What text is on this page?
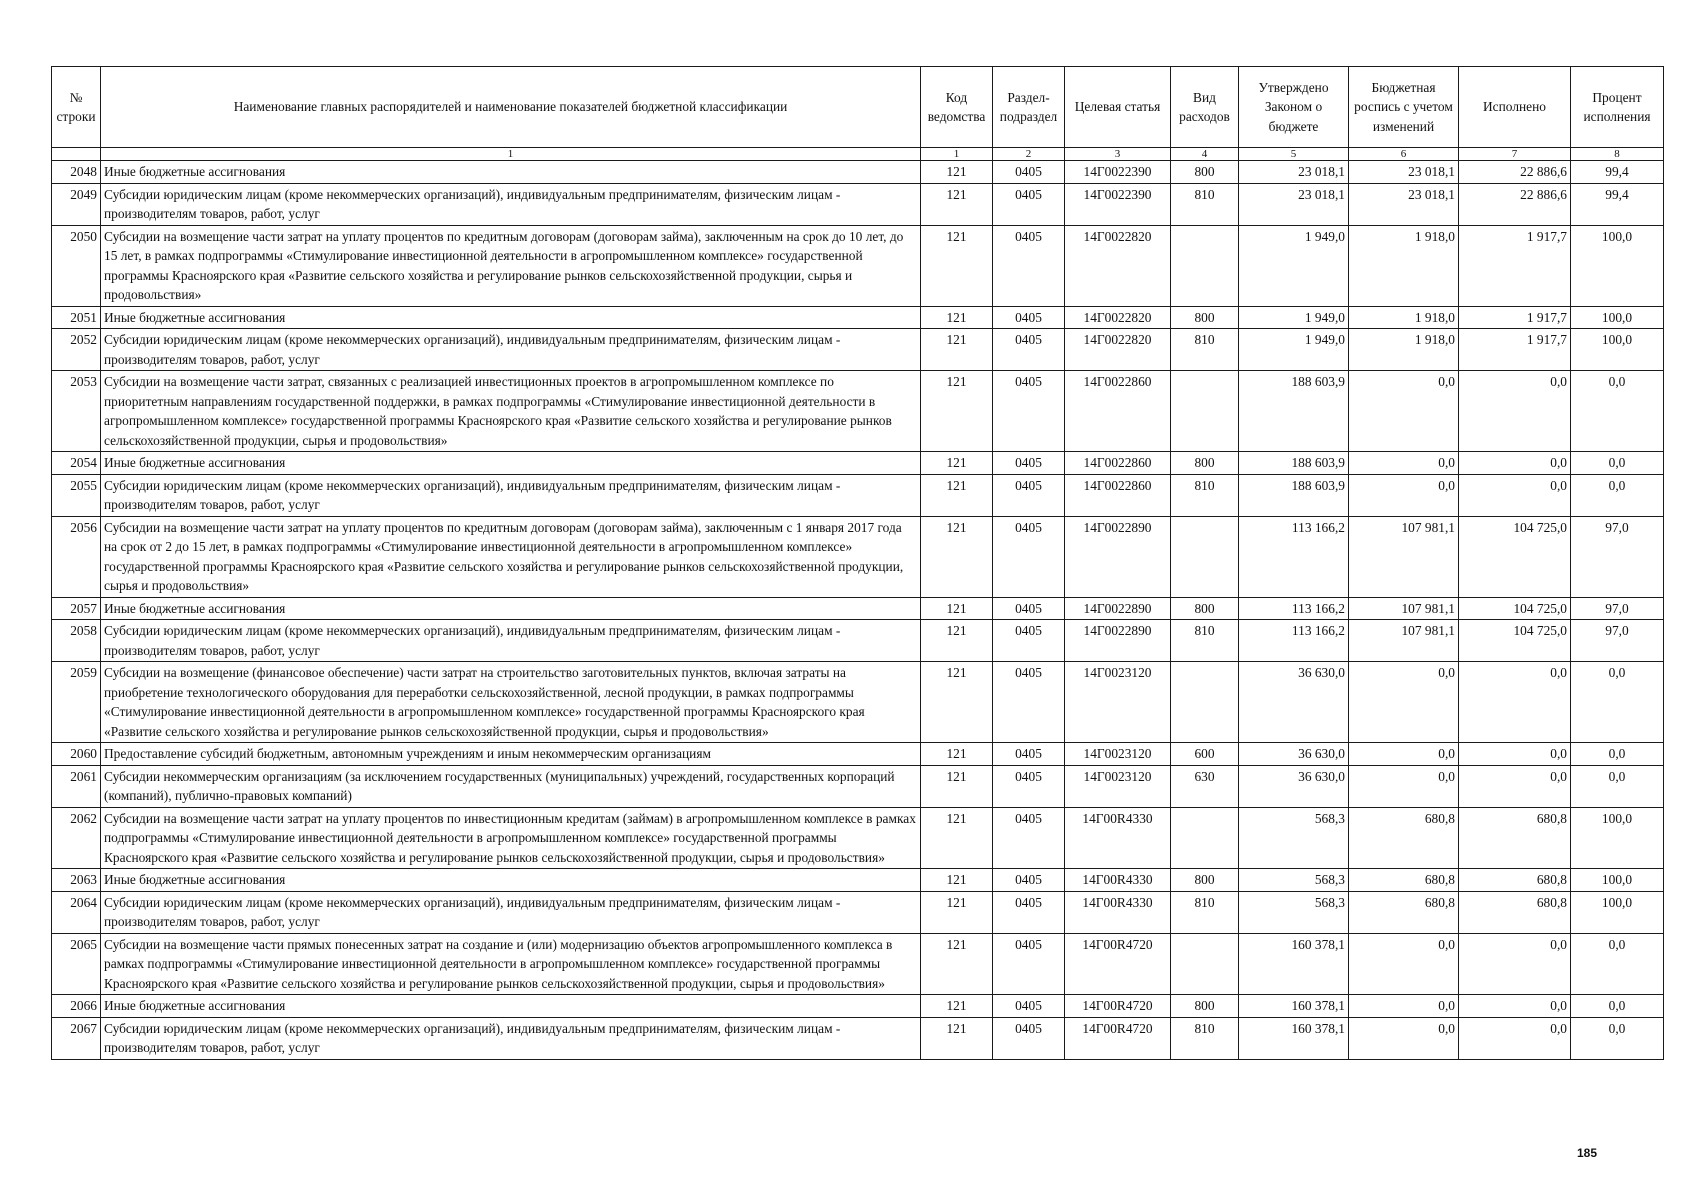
№ строки	Наименование главных распорядителей и наименование показателей бюджетной классификации	Код ведомства	Раздел-подраздел	Целевая статья	Вид расходов	Утверждено Законом о бюджете	Бюджетная роспись с учетом изменений	Исполнено	Процент исполнения
	1	1	2	3	4	5	6	7	8
2048	Иные бюджетные ассигнования	121	0405	14Г0022390	800	23 018,1	23 018,1	22 886,6	99,4
2049	Субсидии юридическим лицам (кроме некоммерческих организаций), индивидуальным предпринимателям, физическим лицам - производителям товаров, работ, услуг	121	0405	14Г0022390	810	23 018,1	23 018,1	22 886,6	99,4
2050	Субсидии на возмещение части затрат на уплату процентов по кредитным договорам (договорам займа), заключенным на срок до 10 лет, до 15 лет, в рамках подпрограммы «Стимулирование инвестиционной деятельности в агропромышленном комплексе» государственной программы Красноярского края «Развитие сельского хозяйства и регулирование рынков сельскохозяйственной продукции, сырья и продовольствия»	121	0405	14Г0022820		1 949,0	1 918,0	1 917,7	100,0
2051	Иные бюджетные ассигнования	121	0405	14Г0022820	800	1 949,0	1 918,0	1 917,7	100,0
2052	Субсидии юридическим лицам (кроме некоммерческих организаций), индивидуальным предпринимателям, физическим лицам - производителям товаров, работ, услуг	121	0405	14Г0022820	810	1 949,0	1 918,0	1 917,7	100,0
2053	Субсидии на возмещение части затрат, связанных с реализацией инвестиционных проектов в агропромышленном комплексе по приоритетным направлениям государственной поддержки, в рамках подпрограммы «Стимулирование инвестиционной деятельности в агропромышленном комплексе» государственной программы Красноярского края «Развитие сельского хозяйства и регулирование рынков сельскохозяйственной продукции, сырья и продовольствия»	121	0405	14Г0022860		188 603,9	0,0	0,0	0,0
2054	Иные бюджетные ассигнования	121	0405	14Г0022860	800	188 603,9	0,0	0,0	0,0
2055	Субсидии юридическим лицам (кроме некоммерческих организаций), индивидуальным предпринимателям, физическим лицам - производителям товаров, работ, услуг	121	0405	14Г0022860	810	188 603,9	0,0	0,0	0,0
2056	Субсидии на возмещение части затрат на уплату процентов по кредитным договорам (договорам займа), заключенным с 1 января 2017 года на срок от 2 до 15 лет, в рамках подпрограммы «Стимулирование инвестиционной деятельности в агропромышленном комплексе» государственной программы Красноярского края «Развитие сельского хозяйства и регулирование рынков сельскохозяйственной продукции, сырья и продовольствия»	121	0405	14Г0022890		113 166,2	107 981,1	104 725,0	97,0
2057	Иные бюджетные ассигнования	121	0405	14Г0022890	800	113 166,2	107 981,1	104 725,0	97,0
2058	Субсидии юридическим лицам (кроме некоммерческих организаций), индивидуальным предпринимателям, физическим лицам - производителям товаров, работ, услуг	121	0405	14Г0022890	810	113 166,2	107 981,1	104 725,0	97,0
2059	Субсидии на возмещение (финансовое обеспечение) части затрат на строительство заготовительных пунктов, включая затраты на приобретение технологического оборудования для переработки сельскохозяйственной, лесной продукции, в рамках подпрограммы «Стимулирование инвестиционной деятельности в агропромышленном комплексе» государственной программы Красноярского края «Развитие сельского хозяйства и регулирование рынков сельскохозяйственной продукции, сырья и продовольствия»	121	0405	14Г0023120		36 630,0	0,0	0,0	0,0
2060	Предоставление субсидий бюджетным, автономным учреждениям и иным некоммерческим организациям	121	0405	14Г0023120	600	36 630,0	0,0	0,0	0,0
2061	Субсидии некоммерческим организациям (за исключением государственных (муниципальных) учреждений, государственных корпораций (компаний), публично-правовых компаний)	121	0405	14Г0023120	630	36 630,0	0,0	0,0	0,0
2062	Субсидии на возмещение части затрат на уплату процентов по инвестиционным кредитам (займам) в агропромышленном комплексе в рамках подпрограммы «Стимулирование инвестиционной деятельности в агропромышленном комплексе» государственной программы Красноярского края «Развитие сельского хозяйства и регулирование рынков сельскохозяйственной продукции, сырья и продовольствия»	121	0405	14Г00R4330		568,3	680,8	680,8	100,0
2063	Иные бюджетные ассигнования	121	0405	14Г00R4330	800	568,3	680,8	680,8	100,0
2064	Субсидии юридическим лицам (кроме некоммерческих организаций), индивидуальным предпринимателям, физическим лицам - производителям товаров, работ, услуг	121	0405	14Г00R4330	810	568,3	680,8	680,8	100,0
2065	Субсидии на возмещение части прямых понесенных затрат на создание и (или) модернизацию объектов агропромышленного комплекса в рамках подпрограммы «Стимулирование инвестиционной деятельности в агропромышленном комплексе» государственной программы Красноярского края «Развитие сельского хозяйства и регулирование рынков сельскохозяйственной продукции, сырья и продовольствия»	121	0405	14Г00R4720		160 378,1	0,0	0,0	0,0
2066	Иные бюджетные ассигнования	121	0405	14Г00R4720	800	160 378,1	0,0	0,0	0,0
2067	Субсидии юридическим лицам (кроме некоммерческих организаций), индивидуальным предпринимателям, физическим лицам - производителям товаров, работ, услуг	121	0405	14Г00R4720	810	160 378,1	0,0	0,0	0,0
185
